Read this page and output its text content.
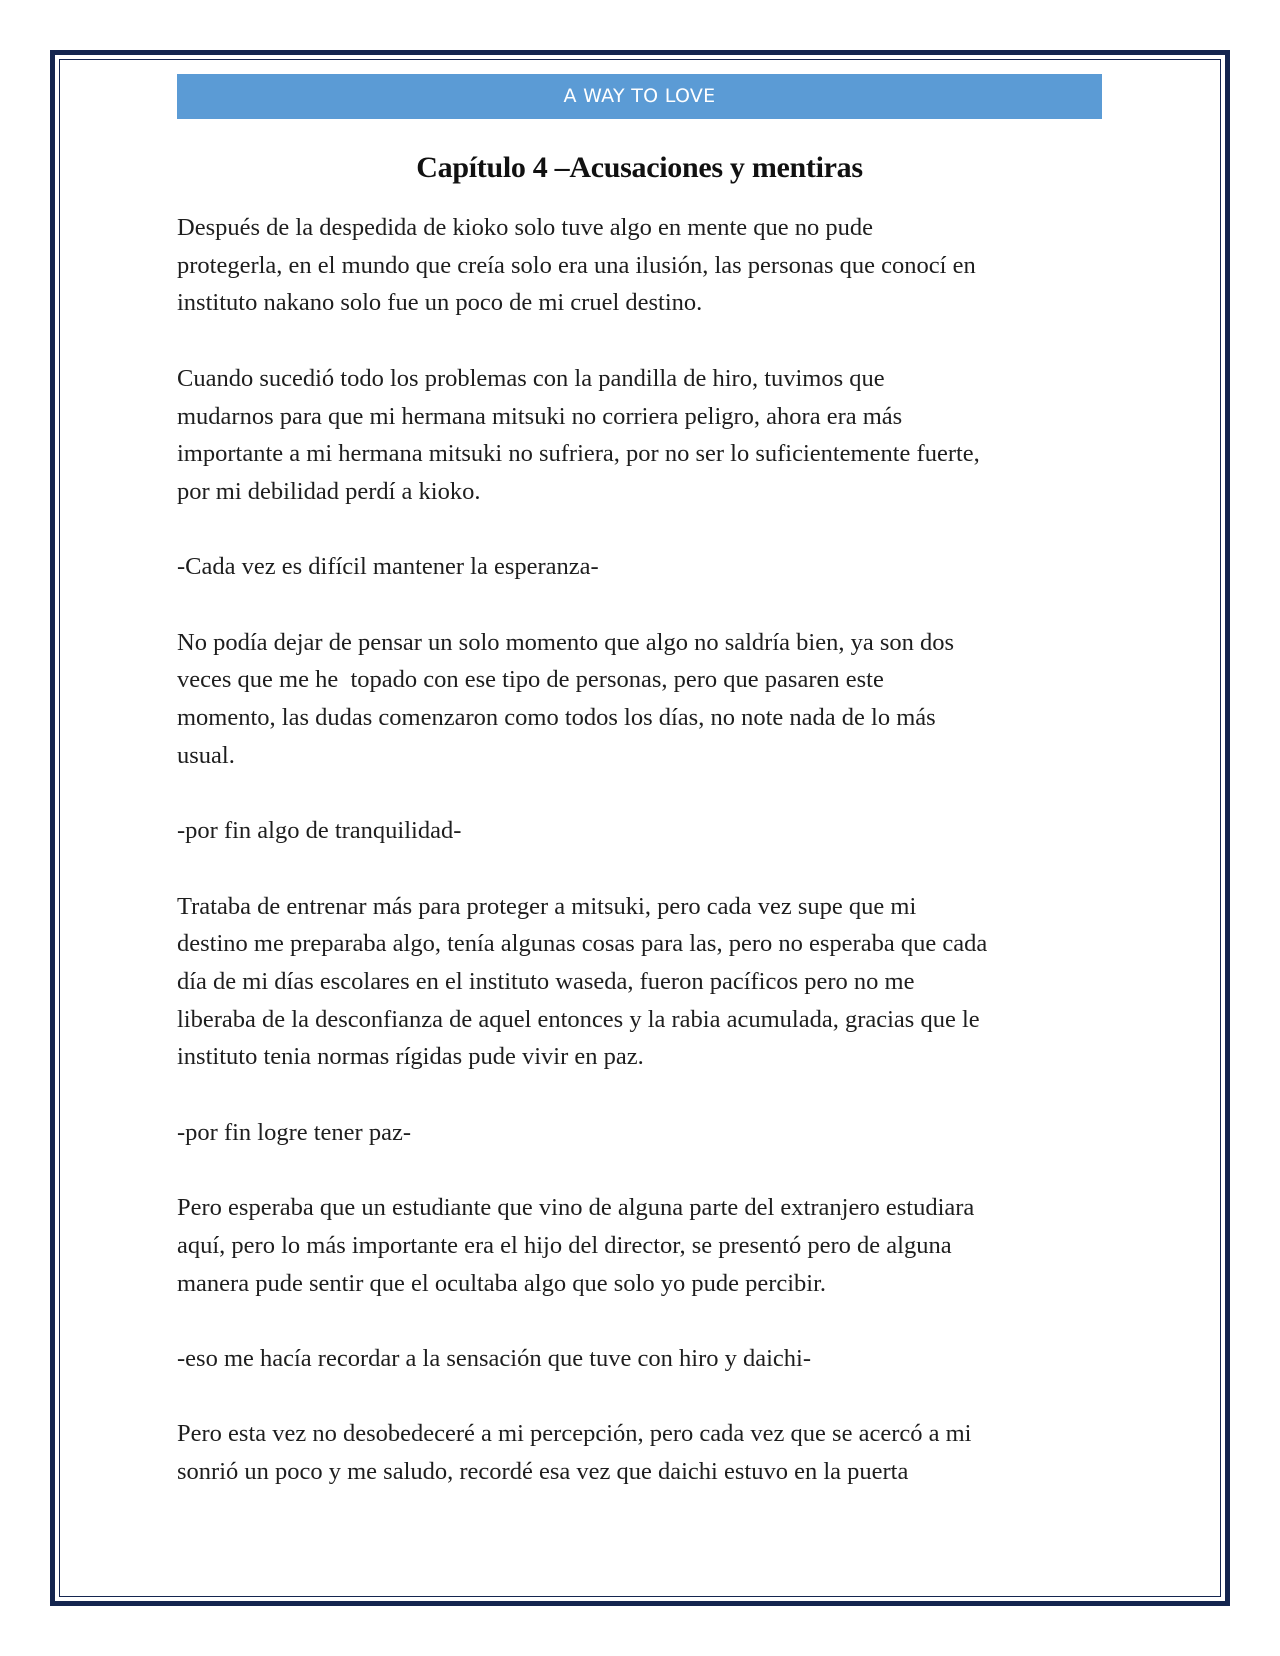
A WAY TO LOVE
Capítulo 4 –Acusaciones y mentiras

Después de la despedida de kioko solo tuve algo en mente que no pude
protegerla, en el mundo que creía solo era una ilusión, las personas que conocí en
instituto nakano solo fue un poco de mi cruel destino.

Cuando sucedió todo los problemas con la pandilla de hiro, tuvimos que
mudarnos para que mi hermana mitsuki no corriera peligro, ahora era más
importante a mi hermana mitsuki no sufriera, por no ser lo suficientemente fuerte,
por mi debilidad perdí a kioko.

-Cada vez es difícil mantener la esperanza-

No podía dejar de pensar un solo momento que algo no saldría bien, ya son dos
veces que me he  topado con ese tipo de personas, pero que pasaren este
momento, las dudas comenzaron como todos los días, no note nada de lo más
usual.

-por fin algo de tranquilidad-

Trataba de entrenar más para proteger a mitsuki, pero cada vez supe que mi
destino me preparaba algo, tenía algunas cosas para las, pero no esperaba que cada
día de mi días escolares en el instituto waseda, fueron pacíficos pero no me
liberaba de la desconfianza de aquel entonces y la rabia acumulada, gracias que le
instituto tenia normas rígidas pude vivir en paz.

-por fin logre tener paz-

Pero esperaba que un estudiante que vino de alguna parte del extranjero estudiara
aquí, pero lo más importante era el hijo del director, se presentó pero de alguna
manera pude sentir que el ocultaba algo que solo yo pude percibir.

-eso me hacía recordar a la sensación que tuve con hiro y daichi-

Pero esta vez no desobedeceré a mi percepción, pero cada vez que se acercó a mi
sonrió un poco y me saludo, recordé esa vez que daichi estuvo en la puerta
